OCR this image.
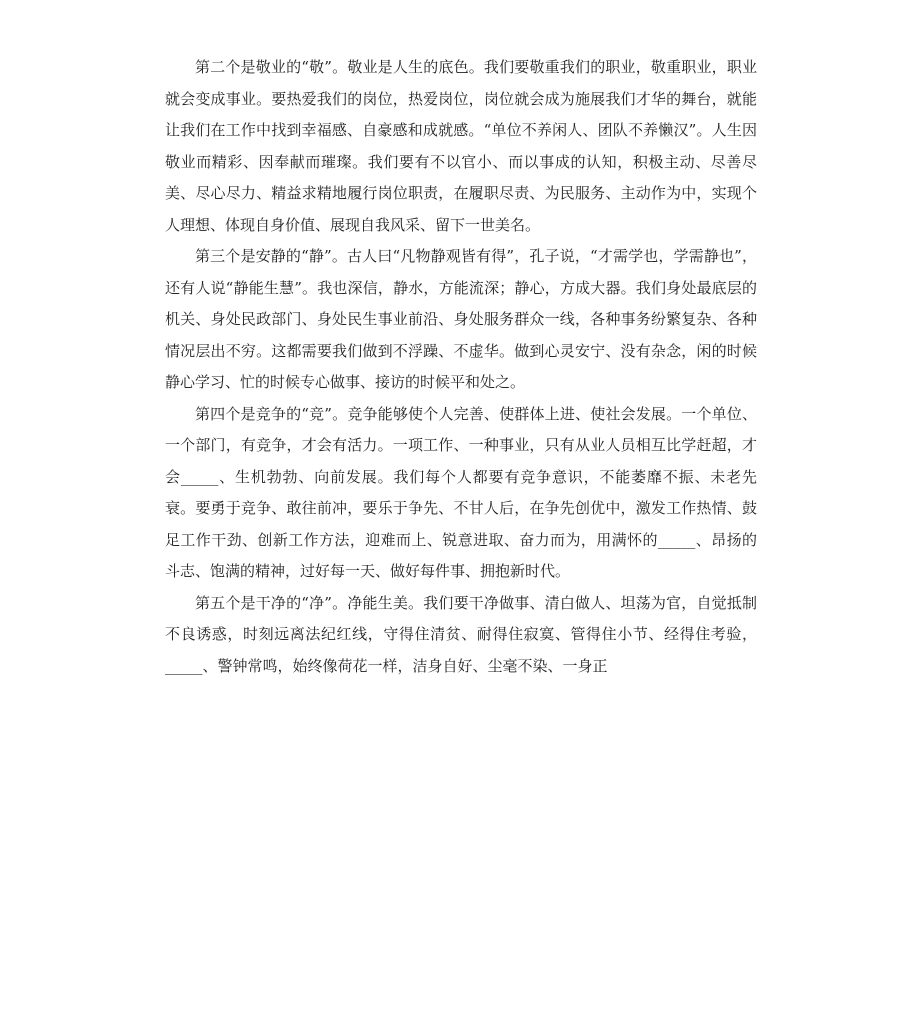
第二个是敬业的“敬”。敬业是人生的底色。我们要敬重我们的职业，敬重职业，职业就会变成事业。要热爱我们的岗位，热爱岗位，岗位就会成为施展我们才华的舞台，就能让我们在工作中找到幸福感、自豪感和成就感。“单位不养闲人、团队不养懒汉”。人生因敬业而精彩、因奉献而璀璨。我们要有不以官小、而以事成的认知，积极主动、尽善尽美、尽心尽力、精益求精地履行岗位职责，在履职尽责、为民服务、主动作为中，实现个人理想、体现自身价值、展现自我风采、留下一世美名。

第三个是安静的“静”。古人曰“凡物静观皆有得”，孔子说，“才需学也，学需静也”，还有人说“静能生慧”。我也深信，静水，方能流深；静心，方成大器。我们身处最底层的机关、身处民政部门、身处民生事业前沿、身处服务群众一线，各种事务纷繁复杂、各种情况层出不穷。这都需要我们做到不浮躁、不虚华。做到心灵安宁、没有杂念，闲的时候静心学习、忙的时候专心做事、接访的时候平和处之。

第四个是竞争的“竞”。竞争能够使个人完善、使群体上进、使社会发展。一个单位、一个部门，有竞争，才会有活力。一项工作、一种事业，只有从业人员相互比学赶超，才会_____、生机勃勃、向前发展。我们每个人都要有竞争意识，不能萎靡不振、未老先衰。要勇于竞争、敢往前冲，要乐于争先、不甘人后，在争先创优中，激发工作热情、鼓足工作干劲、创新工作方法，迎难而上、锐意进取、奋力而为，用满怀的_____、昂扬的斗志、饱满的精神，过好每一天、做好每件事、拥抱新时代。

第五个是干净的“净”。净能生美。我们要干净做事、清白做人、坦荡为官，自觉抵制不良诱惑，时刻远离法纪红线，守得住清贫、耐得住寂寞、管得住小节、经得住考验，_____、警钟常鸣，始终像荷花一样，洁身自好、尘毫不染、一身正
